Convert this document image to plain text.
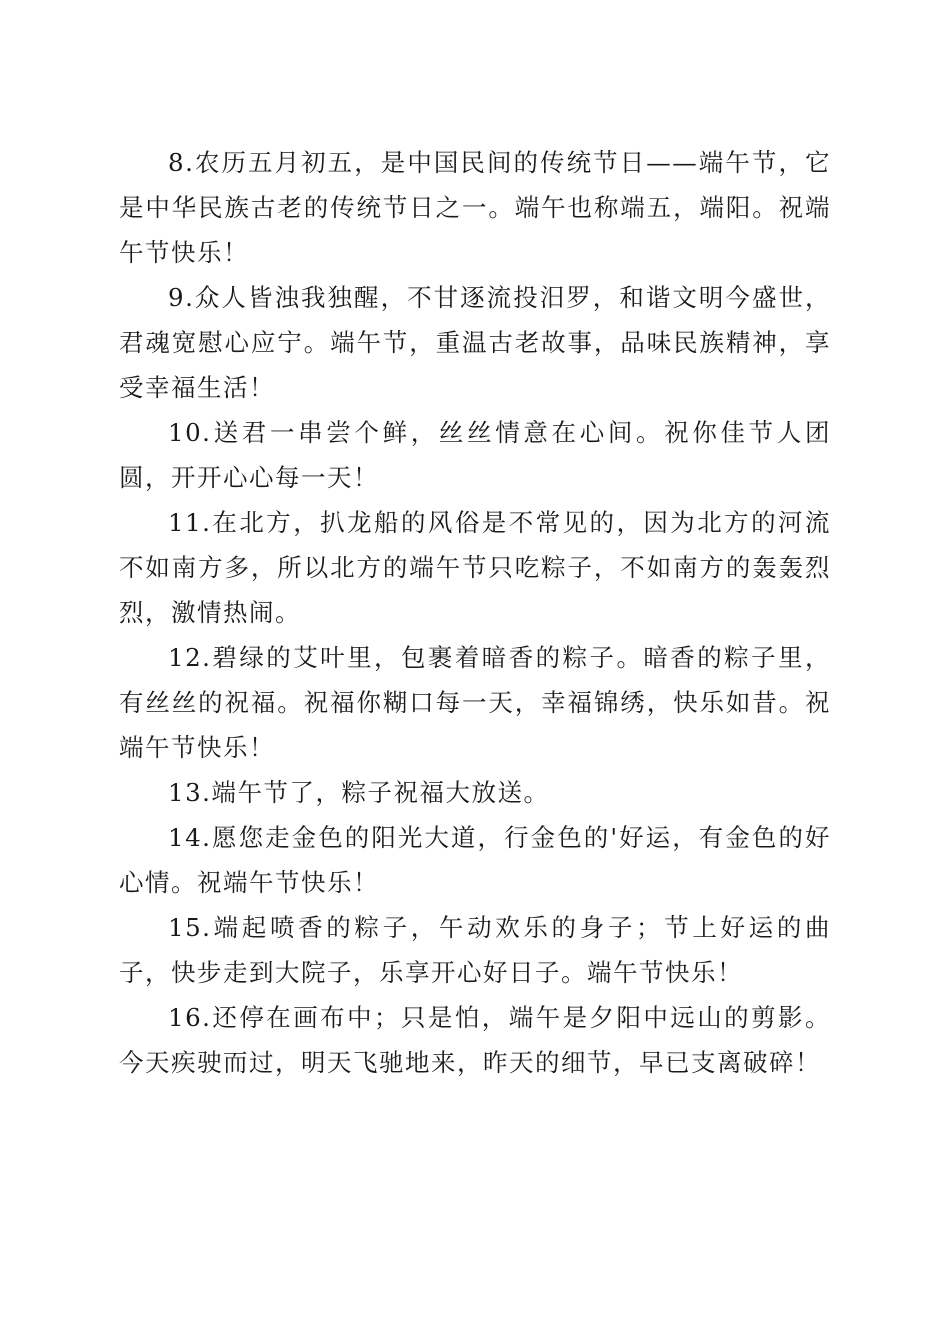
8.农历五月初五，是中国民间的传统节日——端午节，它是中华民族古老的传统节日之一。端午也称端五，端阳。祝端午节快乐！

9.众人皆浊我独醒，不甘逐流投汨罗，和谐文明今盛世，君魂宽慰心应宁。端午节，重温古老故事，品味民族精神，享受幸福生活！

10.送君一串尝个鲜，丝丝情意在心间。祝你佳节人团圆，开开心心每一天！

11.在北方，扒龙船的风俗是不常见的，因为北方的河流不如南方多，所以北方的端午节只吃粽子，不如南方的轰轰烈烈，激情热闹。

12.碧绿的艾叶里，包裹着暗香的粽子。暗香的粽子里，有丝丝的祝福。祝福你糊口每一天，幸福锦绣，快乐如昔。祝端午节快乐！

13.端午节了，粽子祝福大放送。

14.愿您走金色的阳光大道，行金色的'好运，有金色的好心情。祝端午节快乐！

15.端起喷香的粽子，午动欢乐的身子；节上好运的曲子，快步走到大院子，乐享开心好日子。端午节快乐！

16.还停在画布中；只是怕，端午是夕阳中远山的剪影。今天疾驶而过，明天飞驰地来，昨天的细节，早已支离破碎！
